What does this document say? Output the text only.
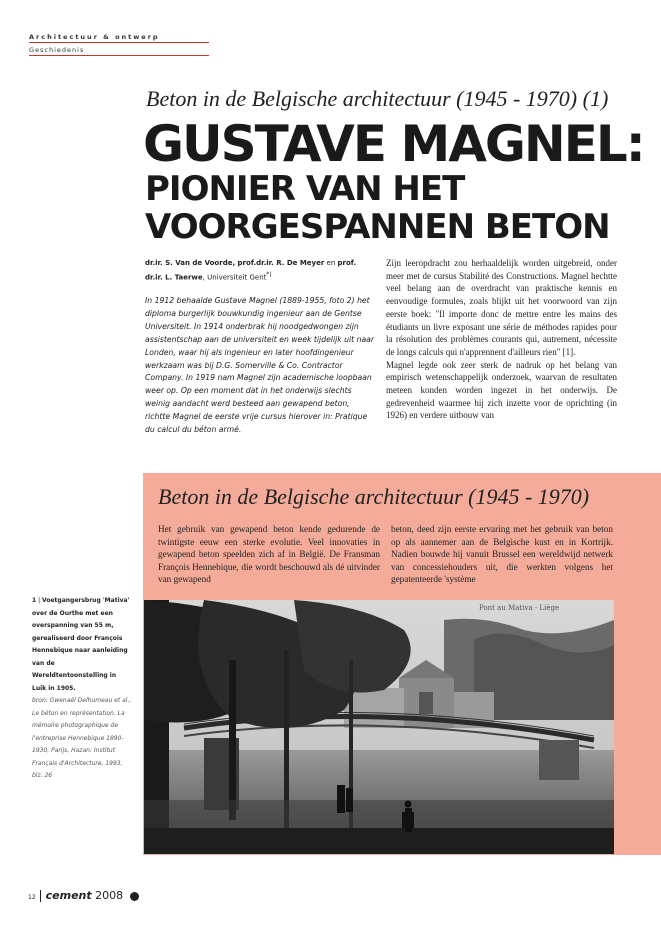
Architectuur & ontwerp
Geschiedenis
Beton in de Belgische architectuur (1945 - 1970) (1)
GUSTAVE MAGNEL:
PIONIER VAN HET
VOORGESPANNEN BETON
dr.ir. S. Van de Voorde, prof.dr.ir. R. De Meyer en prof. dr.ir. L. Taerwe, Universiteit Gent*)
In 1912 behaalde Gustave Magnel (1889-1955, foto 2) het diploma burgerlijk bouwkundig ingenieur aan de Gentse Universiteit. In 1914 onderbrak hij noodgedwongen zijn assistentschap aan de universiteit en week tijdelijk uit naar Londen, waar hij als ingenieur en later hoofdingenieur werkzaam was bij D.G. Somerville & Co. Contractor Company. In 1919 nam Magnel zijn academische loopbaan weer op. Op een moment dat in het onderwijs slechts weinig aandacht werd besteed aan gewapend beton, richtte Magnel de eerste vrije cursus hierover in: Pratique du calcul du béton armé.

Zijn leeropdracht zou herhaaldelijk worden uitgebreid, onder meer met de cursus Stabilité des Constructions. Magnel hechtte veel belang aan de overdracht van praktische kennis en eenvoudige formules, zoals blijkt uit het voorwoord van zijn eerste boek: "Il importe donc de mettre entre les mains des étudiants un livre exposant une série de méthodes rapides pour la résolution des problèmes courants qui, autrement, nécessite de longs calculs qui n'apprennent d'ailleurs rien" [1].

Magnel legde ook zeer sterk de nadruk op het belang van empirisch wetenschappelijk onderzoek, waarvan de resultaten meteen konden worden ingezet in het onderwijs. De gedrevenheid waarmee hij zich inzette voor de oprichting (in 1926) en verdere uitbouw van

Beton in de Belgische architectuur (1945 - 1970)
Het gebruik van gewapend beton kende gedurende de twintigste eeuw een sterke evolutie. Veel innovaties in gewapend beton speelden zich af in België. De Fransman François Hennebique, die wordt beschouwd als dé uitvinder van gewapend
beton, deed zijn eerste ervaring met het gebruik van beton op als aannemer aan de Belgische kust en in Kortrijk. Nadien bouwde hij vanuit Brussel een wereldwijd netwerk van concessiehouders uit, die werkten volgens het gepatenteerde 'système
Pont au Mativa - Liège
1 | Voetgangersbrug 'Mativa' over de Ourthe met een overspanning van 55 m, gerealiseerd door François Hennebique naar aanleiding van de Wereldtentoonstelling in Luik in 1905.
bron: Gwenaël Delhumeau et al., Le béton en représentation. La mémoire photographique de l'entreprise Hennebique 1890-1930, Parijs, Hazan: Institut Français d'Architecture, 1993, blz. 26
12 cement 2008
